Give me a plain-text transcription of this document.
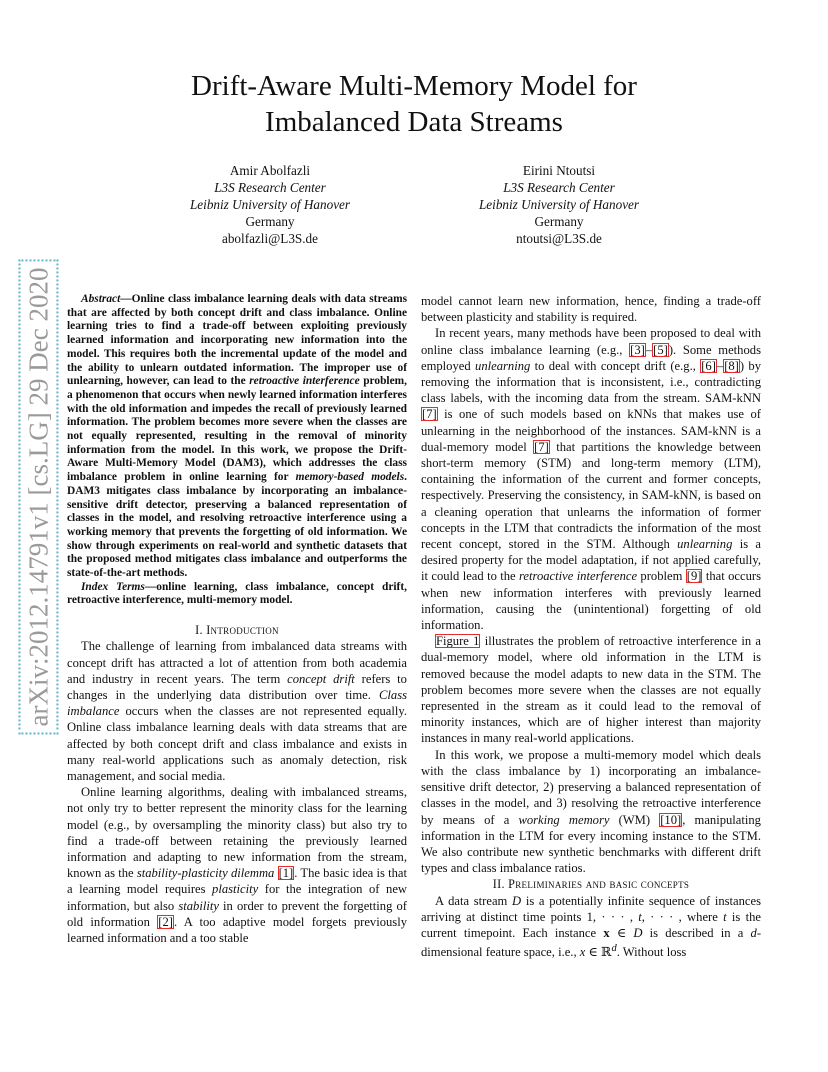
arXiv:2012.14791v1 [cs.LG] 29 Dec 2020
Drift-Aware Multi-Memory Model for
Imbalanced Data Streams
Amir Abolfazli
L3S Research Center
Leibniz University of Hanover
Germany
abolfazli@L3S.de
Eirini Ntoutsi
L3S Research Center
Leibniz University of Hanover
Germany
ntoutsi@L3S.de

Abstract—Online class imbalance learning deals with data streams that are affected by both concept drift and class imbalance. Online learning tries to find a trade-off between exploiting previously learned information and incorporating new information into the model. This requires both the incremental update of the model and the ability to unlearn outdated information. The improper use of unlearning, however, can lead to the retroactive interference problem, a phenomenon that occurs when newly learned information interferes with the old information and impedes the recall of previously learned information. The problem becomes more severe when the classes are not equally represented, resulting in the removal of minority information from the model. In this work, we propose the Drift-Aware Multi-Memory Model (DAM3), which addresses the class imbalance problem in online learning for memory-based models. DAM3 mitigates class imbalance by incorporating an imbalance-sensitive drift detector, preserving a balanced representation of classes in the model, and resolving retroactive interference using a working memory that prevents the forgetting of old information. We show through experiments on real-world and synthetic datasets that the proposed method mitigates class imbalance and outperforms the state-of-the-art methods.

Index Terms—online learning, class imbalance, concept drift, retroactive interference, multi-memory model.

I. Introduction

The challenge of learning from imbalanced data streams with concept drift has attracted a lot of attention from both academia and industry in recent years. The term concept drift refers to changes in the underlying data distribution over time. Class imbalance occurs when the classes are not represented equally. Online class imbalance learning deals with data streams that are affected by both concept drift and class imbalance and exists in many real-world applications such as anomaly detection, risk management, and social media.

Online learning algorithms, dealing with imbalanced streams, not only try to better represent the minority class for the learning model (e.g., by oversampling the minority class) but also try to find a trade-off between retaining the previously learned information and adapting to new information from the stream, known as the stability-plasticity dilemma [1]. The basic idea is that a learning model requires plasticity for the integration of new information, but also stability in order to prevent the forgetting of old information [2]. A too adaptive model forgets previously learned information and a too stable

model cannot learn new information, hence, finding a trade-off between plasticity and stability is required.

In recent years, many methods have been proposed to deal with online class imbalance learning (e.g., [3]–[5]). Some methods employed unlearning to deal with concept drift (e.g., [6]–[8]) by removing the information that is inconsistent, i.e., contradicting class labels, with the incoming data from the stream. SAM-kNN [7] is one of such models based on kNNs that makes use of unlearning in the neighborhood of the instances. SAM-kNN is a dual-memory model [7] that partitions the knowledge between short-term memory (STM) and long-term memory (LTM), containing the information of the current and former concepts, respectively. Preserving the consistency, in SAM-kNN, is based on a cleaning operation that unlearns the information of former concepts in the LTM that contradicts the information of the most recent concept, stored in the STM. Although unlearning is a desired property for the model adaptation, if not applied carefully, it could lead to the retroactive interference problem [9] that occurs when new information interferes with previously learned information, causing the (unintentional) forgetting of old information.

Figure 1 illustrates the problem of retroactive interference in a dual-memory model, where old information in the LTM is removed because the model adapts to new data in the STM. The problem becomes more severe when the classes are not equally represented in the stream as it could lead to the removal of minority instances, which are of higher interest than majority instances in many real-world applications.

In this work, we propose a multi-memory model which deals with the class imbalance by 1) incorporating an imbalance-sensitive drift detector, 2) preserving a balanced representation of classes in the model, and 3) resolving the retroactive interference by means of a working memory (WM) [10], manipulating information in the LTM for every incoming instance to the STM. We also contribute new synthetic benchmarks with different drift types and class imbalance ratios.

II. Preliminaries and basic concepts

A data stream D is a potentially infinite sequence of instances arriving at distinct time points 1, · · · , t, · · · , where t is the current timepoint. Each instance x ∈ D is described in a d-dimensional feature space, i.e., x ∈ ℝ$^d$. Without loss
